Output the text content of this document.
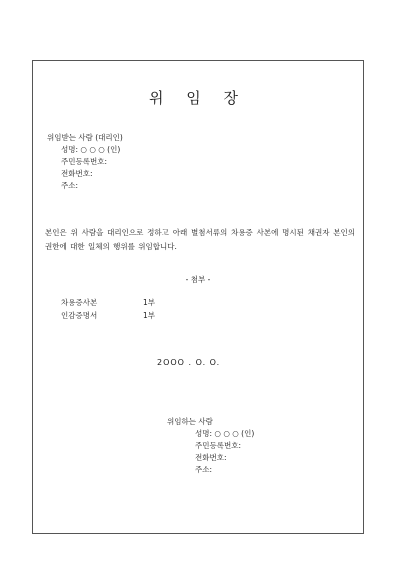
위 임 장
위임받는 사람 (대리인)
성명: ○ ○ ○ (인)
주민등록번호:
전화번호:
주소:
본인은 위 사람을 대리인으로 정하고 아래 별첨서류의 차용증 사본에 명시된 채권자 본인의 권한에 대한 일체의 행위를 위임합니다.
- 첨부 -
차용증사본	1부
인감증명서	1부
2OOO . O. O.
위임하는 사람
성명: ○ ○ ○ (인)
주민등록번호:
전화번호:
주소:
